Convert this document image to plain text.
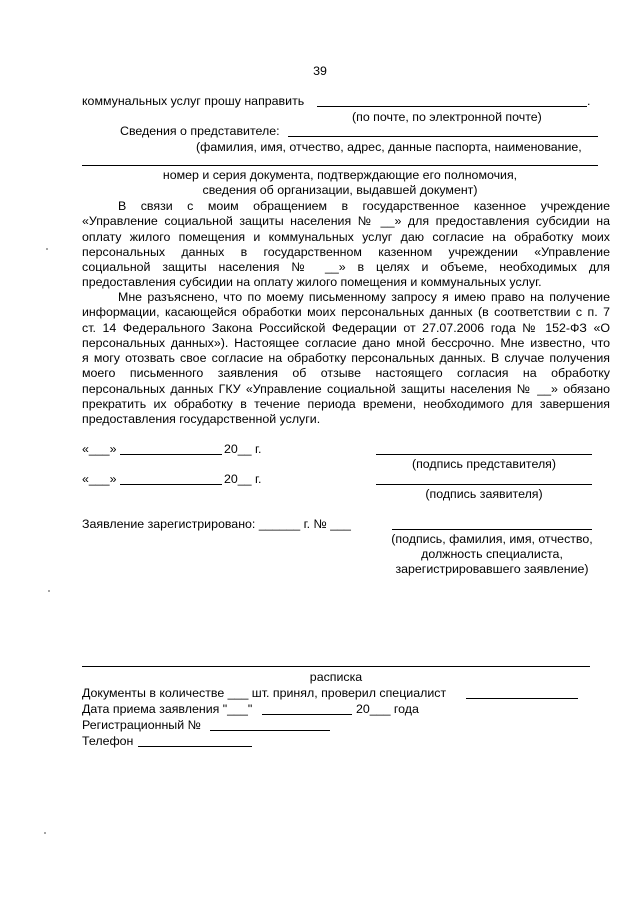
39
коммунальных услуг прошу направить	.
(по почте, по электронной почте)
Сведения о представителе:
(фамилия, имя, отчество, адрес, данные паспорта, наименование,
номер и серия документа, подтверждающие его полномочия,
сведения об организации, выдавшей документ)
В связи с моим обращением в государственное казенное учреждение
«Управление социальной защиты населения № __» для предоставления субсидии на
оплату жилого помещения и коммунальных услуг даю согласие на обработку моих
персональных данных в государственном казенном учреждении «Управление
социальной защиты населения № __» в целях и объеме, необходимых для
предоставления субсидии на оплату жилого помещения и коммунальных услуг.
Мне разъяснено, что по моему письменному запросу я имею право на получение
информации, касающейся обработки моих персональных данных (в соответствии с п. 7
ст. 14 Федерального Закона Российской Федерации от 27.07.2006 года № 152-ФЗ «О
персональных данных»). Настоящее согласие дано мной бессрочно. Мне известно, что
я могу отозвать свое согласие на обработку персональных данных. В случае получения
моего письменного заявления об отзыве настоящего согласия на обработку
персональных данных ГКУ «Управление социальной защиты населения № __» обязано
прекратить их обработку в течение периода времени, необходимого для завершения
предоставления государственной услуги.
«___»	20__ г.
(подпись представителя)
«___»	20__ г.
(подпись заявителя)
Заявление зарегистрировано: ______ г. № ___
(подпись, фамилия, имя, отчество,
должность специалиста,
зарегистрировавшего заявление)
расписка
Документы в количестве ___ шт. принял, проверил специалист
Дата приема заявления "___"	20___ года
Регистрационный №
Телефон
